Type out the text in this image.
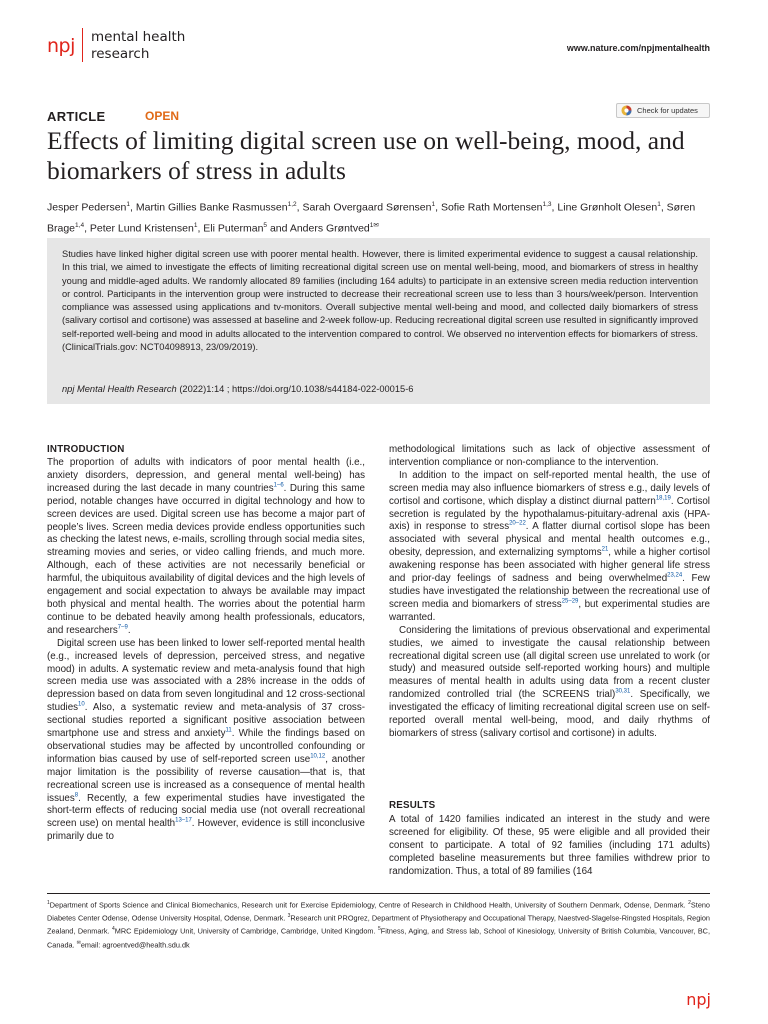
npj mental health
research	www.nature.com/npjmentalhealth
ARTICLE	OPEN	Check for updates
Effects of limiting digital screen use on well-being, mood, and biomarkers of stress in adults
Jesper Pedersen$^1$, Martin Gillies Banke Rasmussen$^{1,2}$, Sarah Overgaard Sørensen$^1$, Sofie Rath Mortensen$^{1,3}$, Line Grønholt Olesen$^1$, Søren Brage$^{1,4}$, Peter Lund Kristensen$^1$, Eli Puterman$^5$ and Anders Grøntved$^{1✉}$
Studies have linked higher digital screen use with poorer mental health. However, there is limited experimental evidence to suggest a causal relationship. In this trial, we aimed to investigate the effects of limiting recreational digital screen use on mental well-being, mood, and biomarkers of stress in healthy young and middle-aged adults. We randomly allocated 89 families (including 164 adults) to participate in an extensive screen media reduction intervention or control. Participants in the intervention group were instructed to decrease their recreational screen use to less than 3 hours/week/person. Intervention compliance was assessed using applications and tv-monitors. Overall subjective mental well-being and mood, and collected daily biomarkers of stress (salivary cortisol and cortisone) was assessed at baseline and 2-week follow-up. Reducing recreational digital screen use resulted in significantly improved self-reported well-being and mood in adults allocated to the intervention compared to control. We observed no intervention effects for biomarkers of stress. (ClinicalTrials.gov: NCT04098913, 23/09/2019).
npj Mental Health Research (2022)1:14 ; https://doi.org/10.1038/s44184-022-00015-6
INTRODUCTION

The proportion of adults with indicators of poor mental health (i.e., anxiety disorders, depression, and general mental well-being) has increased during the last decade in many countries$^{1-6}$. During this same period, notable changes have occurred in digital technology and how to screen devices are used. Digital screen use has become a major part of people’s lives. Screen media devices provide endless opportunities such as checking the latest news, e-mails, scrolling through social media sites, streaming movies and series, or video calling friends, and much more. Although, each of these activities are not necessarily beneficial or harmful, the ubiquitous availability of digital devices and the high levels of engagement and social expectation to always be available may impact both physical and mental health. The worries about the potential harm continue to be debated heavily among health professionals, educators, and researchers$^{7-9}$.

Digital screen use has been linked to lower self-reported mental health (e.g., increased levels of depression, perceived stress, and negative mood) in adults. A systematic review and meta-analysis found that high screen media use was associated with a 28% increase in the odds of depression based on data from seven longitudinal and 12 cross-sectional studies$^{10}$. Also, a systematic review and meta-analysis of 37 cross-sectional studies reported a significant positive association between smartphone use and stress and anxiety$^{11}$. While the findings based on observational studies may be affected by uncontrolled confounding or information bias caused by use of self-reported screen use$^{10,12}$, another major limitation is the possibility of reverse causation—that is, that recreational screen use is increased as a consequence of mental health issues$^8$. Recently, a few experimental studies have investigated the short-term effects of reducing social media use (not overall recreational screen use) on mental health$^{13-17}$. However, evidence is still inconclusive primarily due to

methodological limitations such as lack of objective assessment of intervention compliance or non-compliance to the intervention.

In addition to the impact on self-reported mental health, the use of screen media may also influence biomarkers of stress e.g., daily levels of cortisol and cortisone, which display a distinct diurnal pattern$^{18,19}$. Cortisol secretion is regulated by the hypothalamus-pituitary-adrenal axis (HPA-axis) in response to stress$^{20-22}$. A flatter diurnal cortisol slope has been associated with several physical and mental health outcomes e.g., obesity, depression, and externalizing symptoms$^{21}$, while a higher cortisol awakening response has been associated with higher general life stress and prior-day feelings of sadness and being overwhelmed$^{23,24}$. Few studies have investigated the relationship between the recreational use of screen media and biomarkers of stress$^{25-29}$, but experimental studies are warranted.

Considering the limitations of previous observational and experimental studies, we aimed to investigate the causal relationship between recreational digital screen use (all digital screen use unrelated to work (or study) and measured outside self-reported working hours) and multiple measures of mental health in adults using data from a recent cluster randomized controlled trial (the SCREENS trial)$^{30,31}$. Specifically, we investigated the efficacy of limiting recreational digital screen use on self-reported overall mental well-being, mood, and daily rhythms of biomarkers of stress (salivary cortisol and cortisone) in adults.

RESULTS

A total of 1420 families indicated an interest in the study and were screened for eligibility. Of these, 95 were eligible and all provided their consent to participate. A total of 92 families (including 171 adults) completed baseline measurements but three families withdrew prior to randomization. Thus, a total of 89 families (164

$^1$Department of Sports Science and Clinical Biomechanics, Research unit for Exercise Epidemiology, Centre of Research in Childhood Health, University of Southern Denmark, Odense, Denmark. $^2$Steno Diabetes Center Odense, Odense University Hospital, Odense, Denmark. $^3$Research unit PROgrez, Department of Physiotherapy and Occupational Therapy, Naestved-Slagelse-Ringsted Hospitals, Region Zealand, Denmark. $^4$MRC Epidemiology Unit, University of Cambridge, Cambridge, United Kingdom. $^5$Fitness, Aging, and Stress lab, School of Kinesiology, University of British Columbia, Vancouver, BC, Canada. ✉email: agroentved@health.sdu.dk
npj
